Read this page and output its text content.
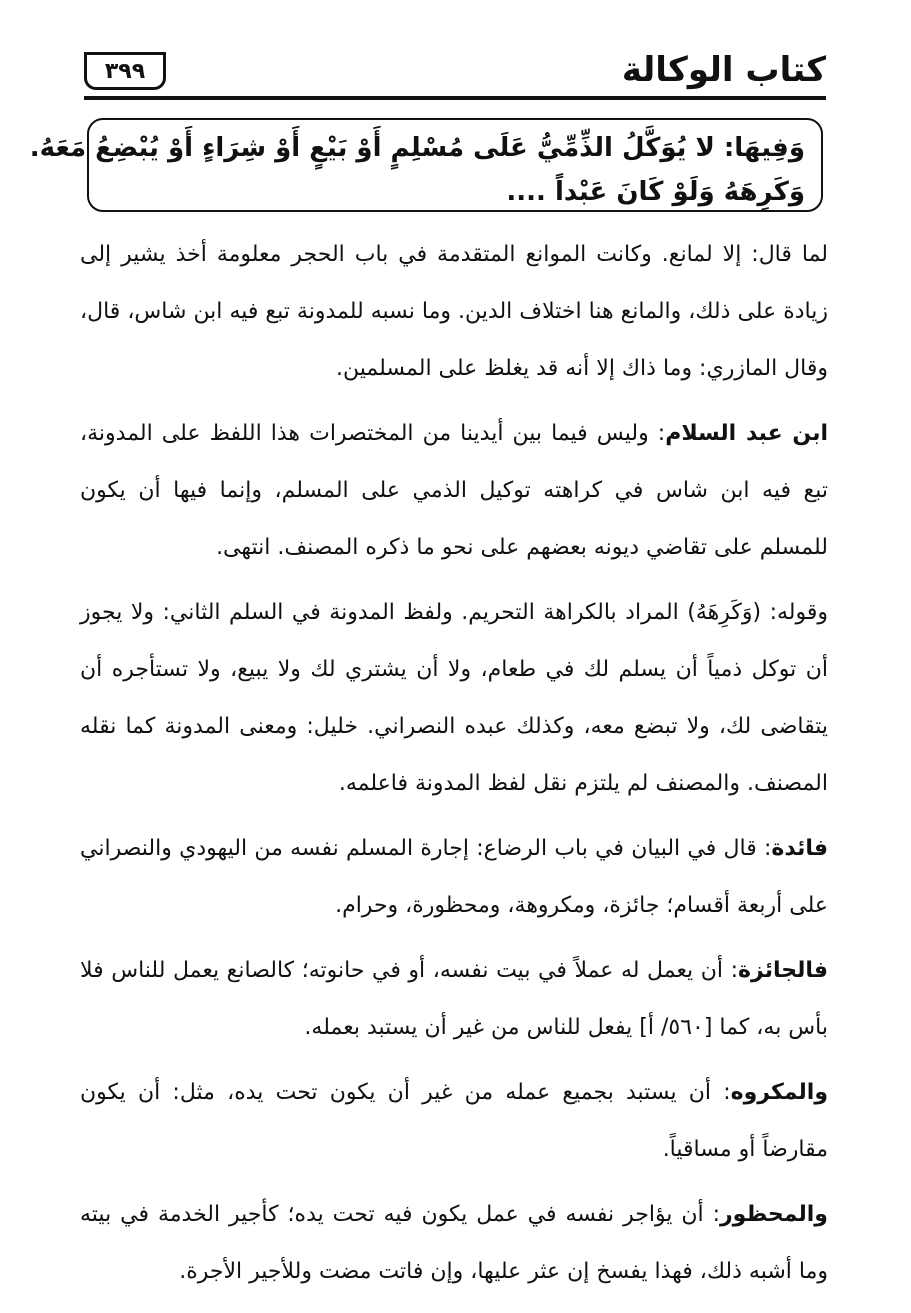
كتاب الوكالة
٣٩٩

وَفِيهَا: لا يُوَكَّلُ الذِّمِّيُّ عَلَى مُسْلِمٍ أَوْ بَيْعٍ أَوْ شِرَاءٍ أَوْ يُبْضِعُ مَعَهُ.

وَكَرِهَهُ وَلَوْ كَانَ عَبْداً ....

لما قال: إلا لمانع. وكانت الموانع المتقدمة في باب الحجر معلومة أخذ يشير إلى زيادة على ذلك، والمانع هنا اختلاف الدين. وما نسبه للمدونة تبع فيه ابن شاس، قال، وقال المازري: وما ذاك إلا أنه قد يغلظ على المسلمين.

ابن عبد السلام: وليس فيما بين أيدينا من المختصرات هذا اللفظ على المدونة، تبع فيه ابن شاس في كراهته توكيل الذمي على المسلم، وإنما فيها أن يكون للمسلم على تقاضي ديونه بعضهم على نحو ما ذكره المصنف. انتهى.

وقوله: (وَكَرِهَهُ) المراد بالكراهة التحريم. ولفظ المدونة في السلم الثاني: ولا يجوز أن توكل ذمياً أن يسلم لك في طعام، ولا أن يشتري لك ولا يبيع، ولا تستأجره أن يتقاضى لك، ولا تبضع معه، وكذلك عبده النصراني. خليل: ومعنى المدونة كما نقله المصنف. والمصنف لم يلتزم نقل لفظ المدونة فاعلمه.

فائدة: قال في البيان في باب الرضاع: إجارة المسلم نفسه من اليهودي والنصراني على أربعة أقسام؛ جائزة، ومكروهة، ومحظورة، وحرام.

فالجائزة: أن يعمل له عملاً في بيت نفسه، أو في حانوته؛ كالصانع يعمل للناس فلا بأس به، كما [٥٦٠/ أ] يفعل للناس من غير أن يستبد بعمله.

والمكروه: أن يستبد بجميع عمله من غير أن يكون تحت يده، مثل: أن يكون مقارضاً أو مساقياً.

والمحظور: أن يؤاجر نفسه في عمل يكون فيه تحت يده؛ كأجير الخدمة في بيته وما أشبه ذلك، فهذا يفسخ إن عثر عليها، وإن فاتت مضت وللأجير الأجرة.
